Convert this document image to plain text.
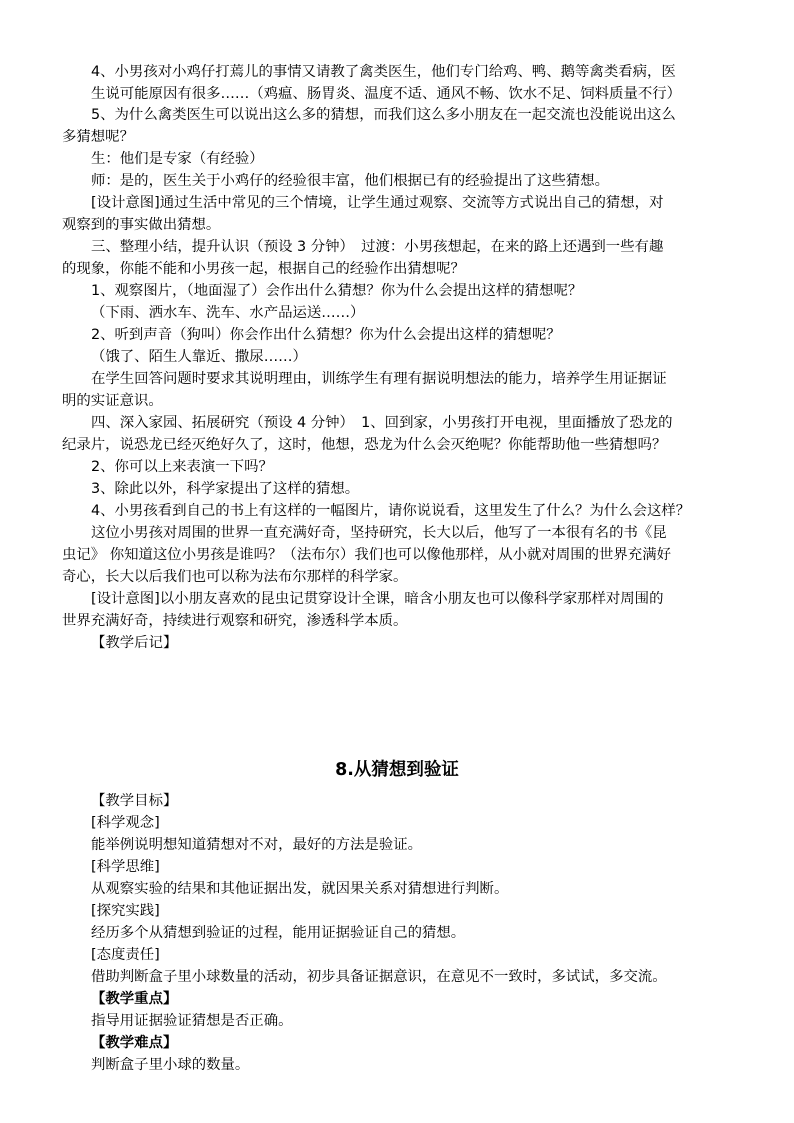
4、小男孩对小鸡仔打蔫儿的事情又请教了禽类医生，他们专门给鸡、鸭、鹅等禽类看病，医

生说可能原因有很多……（鸡瘟、肠胃炎、温度不适、通风不畅、饮水不足、饲料质量不行）

5、为什么禽类医生可以说出这么多的猜想，而我们这么多小朋友在一起交流也没能说出这么

多猜想呢？

生：他们是专家（有经验）

师：是的，医生关于小鸡仔的经验很丰富，他们根据已有的经验提出了这些猜想。

[设计意图]通过生活中常见的三个情境，让学生通过观察、交流等方式说出自己的猜想，对

观察到的事实做出猜想。

三、整理小结，提升认识（预设 3 分钟）　过渡：小男孩想起，在来的路上还遇到一些有趣

的现象，你能不能和小男孩一起，根据自己的经验作出猜想呢？

1、观察图片，（地面湿了）会作出什么猜想？你为什么会提出这样的猜想呢？

（下雨、洒水车、洗车、水产品运送……）

2、听到声音（狗叫）你会作出什么猜想？你为什么会提出这样的猜想呢？

（饿了、陌生人靠近、撒尿……）

在学生回答问题时要求其说明理由，训练学生有理有据说明想法的能力，培养学生用证据证

明的实证意识。

四、深入家园、拓展研究（预设 4 分钟）　1、回到家，小男孩打开电视，里面播放了恐龙的

纪录片，说恐龙已经灭绝好久了，这时，他想，恐龙为什么会灭绝呢？你能帮助他一些猜想吗？

2、你可以上来表演一下吗？

3、除此以外，科学家提出了这样的猜想。

4、小男孩看到自己的书上有这样的一幅图片，请你说说看，这里发生了什么？为什么会这样？

这位小男孩对周围的世界一直充满好奇，坚持研究，长大以后，他写了一本很有名的书《昆

虫记》 你知道这位小男孩是谁吗？（法布尔）我们也可以像他那样，从小就对周围的世界充满好

奇心，长大以后我们也可以称为法布尔那样的科学家。

[设计意图]以小朋友喜欢的昆虫记贯穿设计全课，暗含小朋友也可以像科学家那样对周围的

世界充满好奇，持续进行观察和研究，渗透科学本质。

【教学后记】

8.从猜想到验证

【教学目标】

[科学观念]

能举例说明想知道猜想对不对，最好的方法是验证。

[科学思维]

从观察实验的结果和其他证据出发，就因果关系对猜想进行判断。

[探究实践]

经历多个从猜想到验证的过程，能用证据验证自己的猜想。

[态度责任]

借助判断盒子里小球数量的活动，初步具备证据意识，在意见不一致时，多试试，多交流。

【教学重点】

指导用证据验证猜想是否正确。

【教学难点】

判断盒子里小球的数量。
